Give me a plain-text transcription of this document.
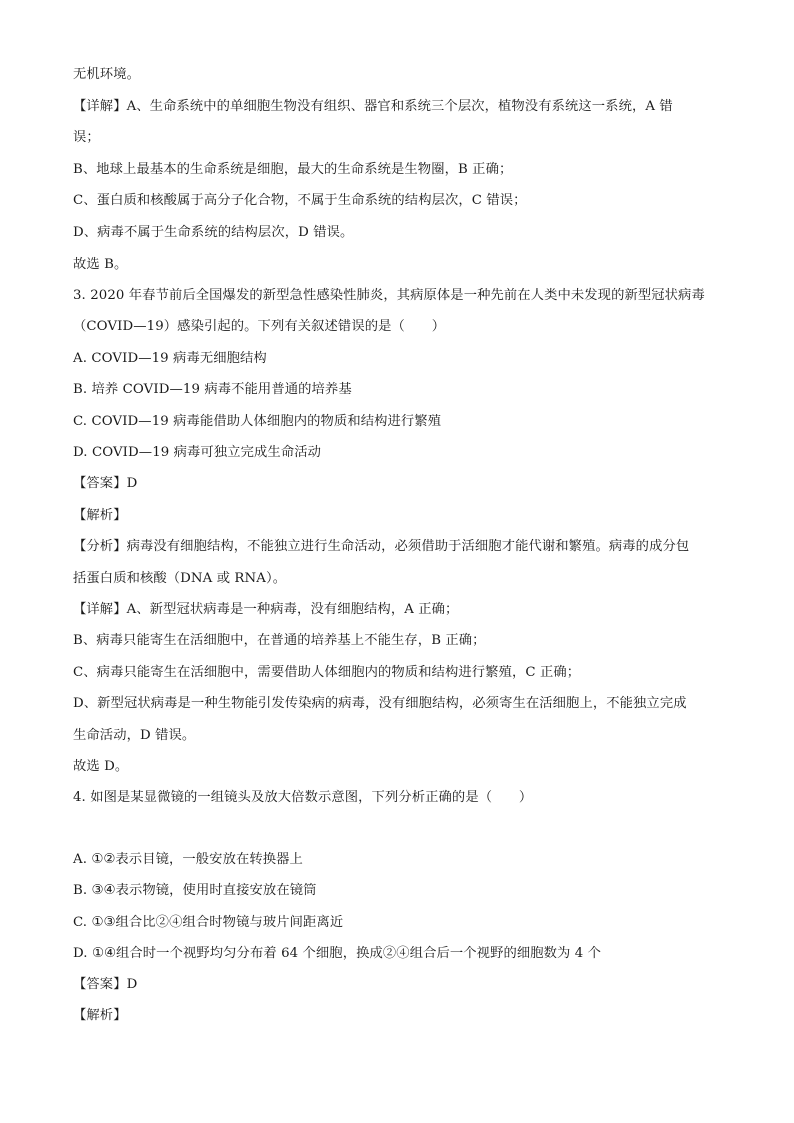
无机环境。
【详解】A、生命系统中的单细胞生物没有组织、器官和系统三个层次，植物没有系统这一系统，A 错
误；
B、地球上最基本的生命系统是细胞，最大的生命系统是生物圈，B 正确；
C、蛋白质和核酸属于高分子化合物，不属于生命系统的结构层次，C 错误；
D、病毒不属于生命系统的结构层次，D 错误。
故选 B。
3. 2020 年春节前后全国爆发的新型急性感染性肺炎，其病原体是一种先前在人类中未发现的新型冠状病毒
（COVID—19）感染引起的。下列有关叙述错误的是（　　）
A. COVID—19 病毒无细胞结构
B. 培养 COVID—19 病毒不能用普通的培养基
C. COVID—19 病毒能借助人体细胞内的物质和结构进行繁殖
D. COVID—19 病毒可独立完成生命活动
【答案】D
【解析】
【分析】病毒没有细胞结构，不能独立进行生命活动，必须借助于活细胞才能代谢和繁殖。病毒的成分包
括蛋白质和核酸（DNA 或 RNA）。
【详解】A、新型冠状病毒是一种病毒，没有细胞结构，A 正确；
B、病毒只能寄生在活细胞中，在普通的培养基上不能生存，B 正确；
C、病毒只能寄生在活细胞中，需要借助人体细胞内的物质和结构进行繁殖，C 正确；
D、新型冠状病毒是一种生物能引发传染病的病毒，没有细胞结构，必须寄生在活细胞上，不能独立完成
生命活动，D 错误。
故选 D。
4. 如图是某显微镜的一组镜头及放大倍数示意图，下列分析正确的是（　　）
A. ①②表示目镜，一般安放在转换器上
B. ③④表示物镜，使用时直接安放在镜筒
C. ①③组合比②④组合时物镜与玻片间距离近
D. ①④组合时一个视野均匀分布着 64 个细胞，换成②④组合后一个视野的细胞数为 4 个
【答案】D
【解析】
